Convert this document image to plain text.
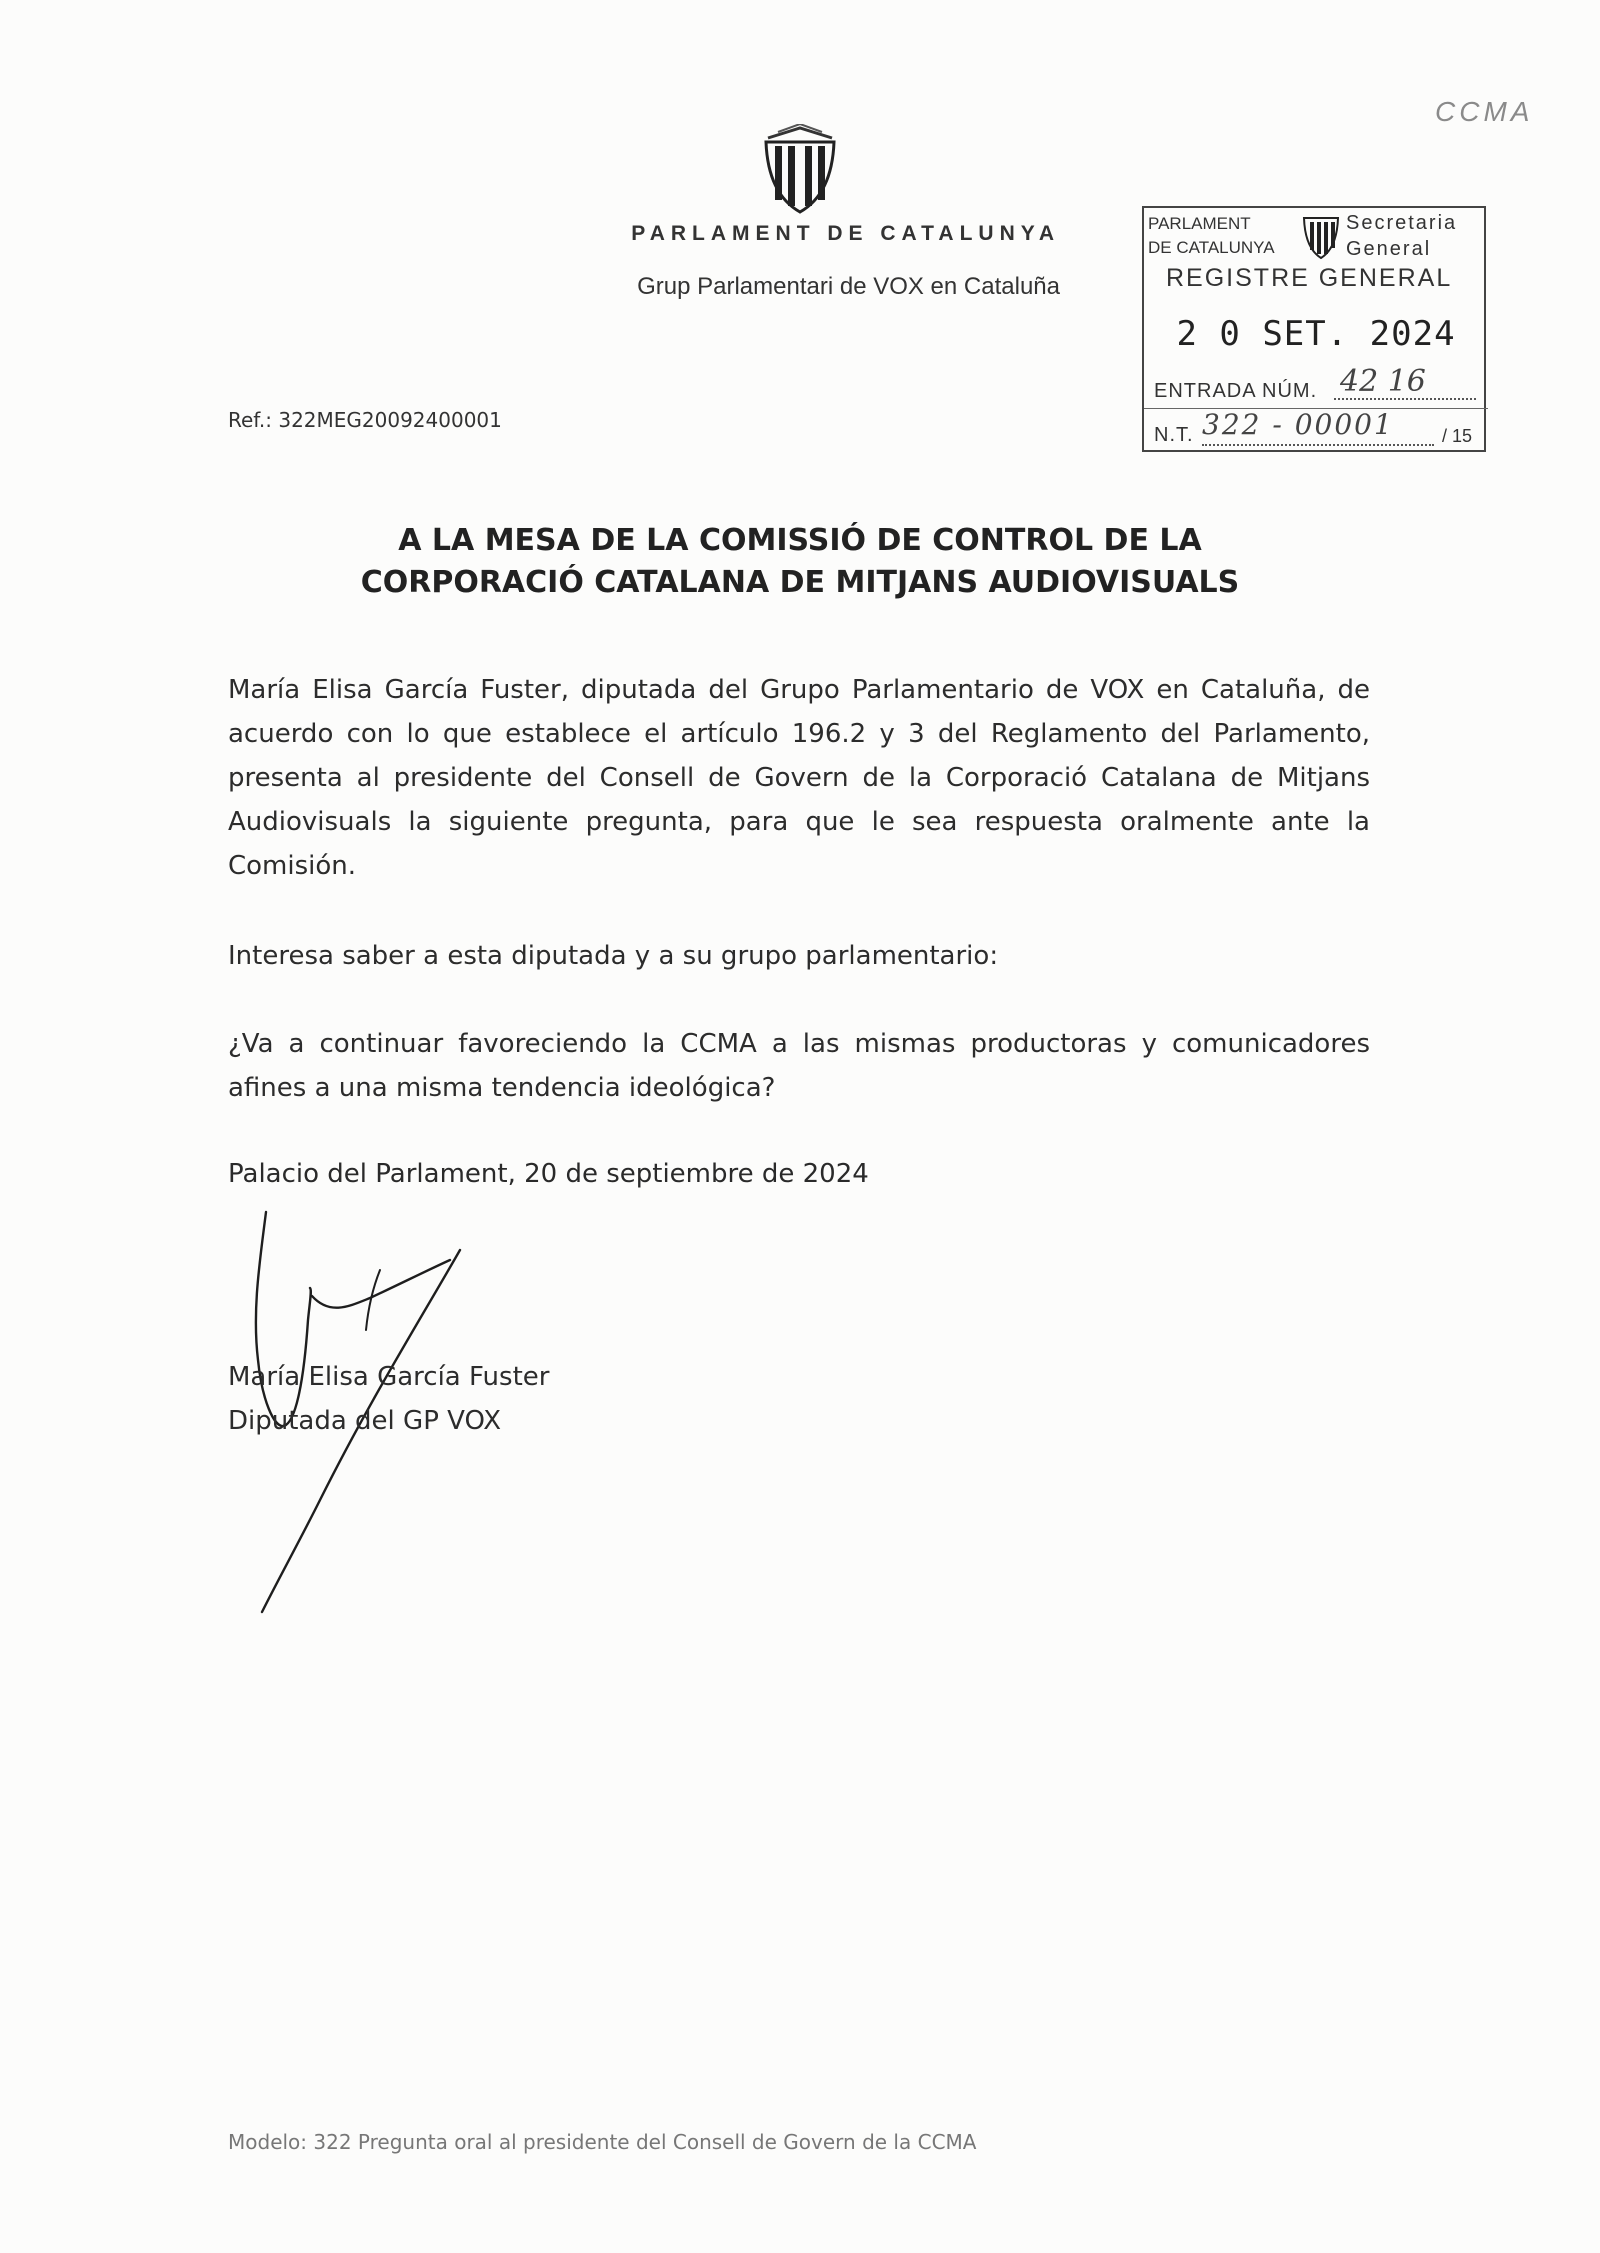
CCMA
PARLAMENT DE CATALUNYA
Grup Parlamentari de VOX en Cataluña
PARLAMENT
DE CATALUNYA
Secretaria
General
REGISTRE GENERAL
2 0 SET. 2024
ENTRADA NÚM. 42 16
N.T. 322 - 00001	/ 15
Ref.: 322MEG20092400001
A LA MESA DE LA COMISSIÓ DE CONTROL DE LA
CORPORACIÓ CATALANA DE MITJANS AUDIOVISUALS

María Elisa García Fuster, diputada del Grupo Parlamentario de VOX en Cataluña, de acuerdo con lo que establece el artículo 196.2 y 3 del Reglamento del Parlamento, presenta al presidente del Consell de Govern de la Corporació Catalana de Mitjans Audiovisuals la siguiente pregunta, para que le sea respuesta oralmente ante la Comisión.

Interesa saber a esta diputada y a su grupo parlamentario:

¿Va a continuar favoreciendo la CCMA a las mismas productoras y comunicadores afines a una misma tendencia ideológica?

Palacio del Parlament, 20 de septiembre de 2024
María Elisa García Fuster
Diputada del GP VOX
Modelo: 322 Pregunta oral al presidente del Consell de Govern de la CCMA
